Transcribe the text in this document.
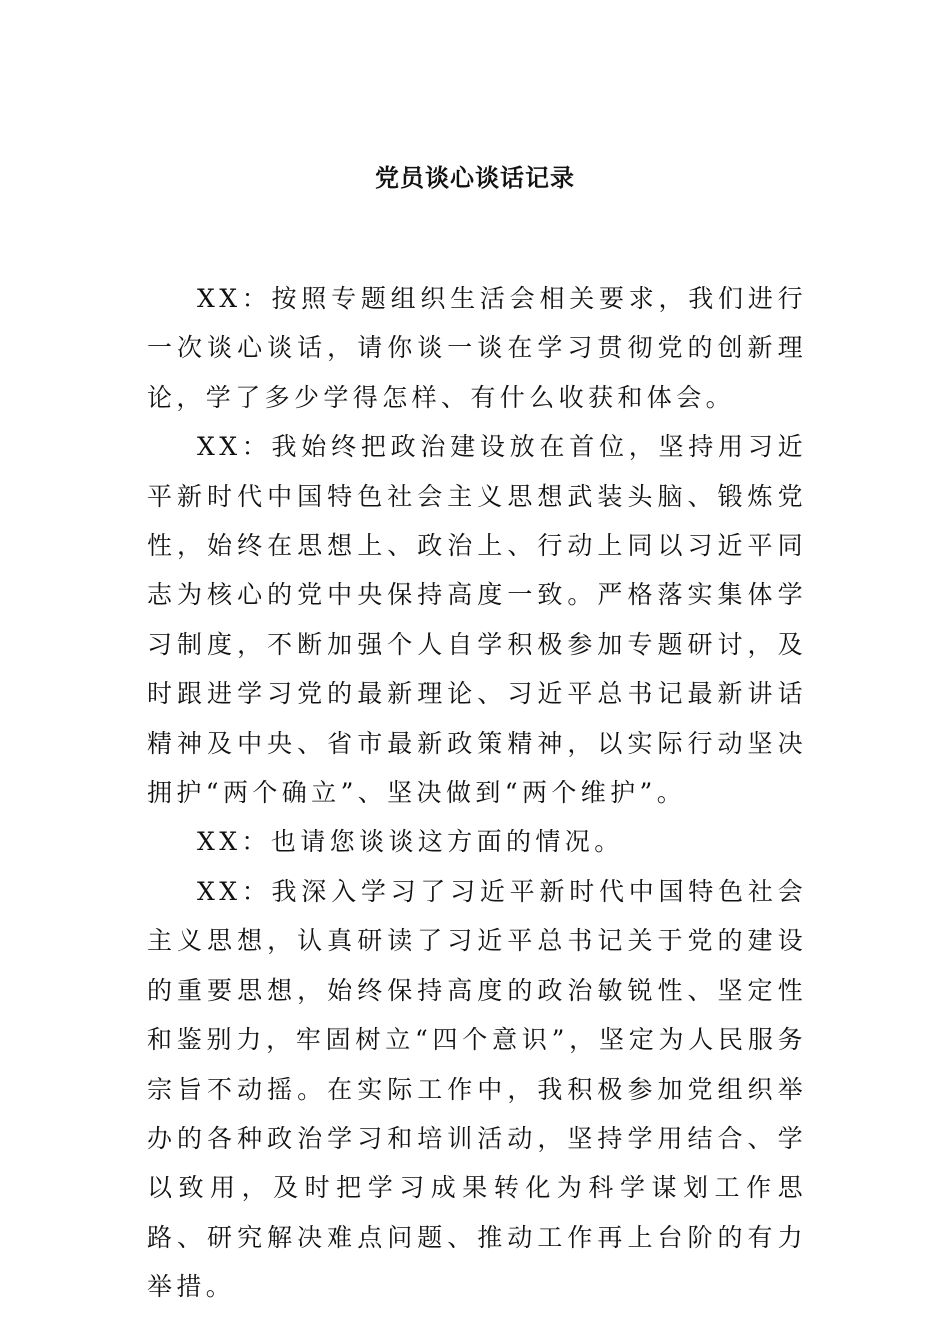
党员谈心谈话记录

XX：按照专题组织生活会相关要求，我们进行一次谈心谈话，请你谈一谈在学习贯彻党的创新理论，学了多少学得怎样、有什么收获和体会。

XX：我始终把政治建设放在首位，坚持用习近平新时代中国特色社会主义思想武装头脑、锻炼党性，始终在思想上、政治上、行动上同以习近平同志为核心的党中央保持高度一致。严格落实集体学习制度，不断加强个人自学积极参加专题研讨，及时跟进学习党的最新理论、习近平总书记最新讲话精神及中央、省市最新政策精神，以实际行动坚决拥护“两个确立”、坚决做到“两个维护”。

XX：也请您谈谈这方面的情况。

XX：我深入学习了习近平新时代中国特色社会主义思想，认真研读了习近平总书记关于党的建设的重要思想，始终保持高度的政治敏锐性、坚定性和鉴别力，牢固树立“四个意识”，坚定为人民服务宗旨不动摇。在实际工作中，我积极参加党组织举办的各种政治学习和培训活动，坚持学用结合、学以致用，及时把学习成果转化为科学谋划工作思路、研究解决难点问题、推动工作再上台阶的有力举措。
